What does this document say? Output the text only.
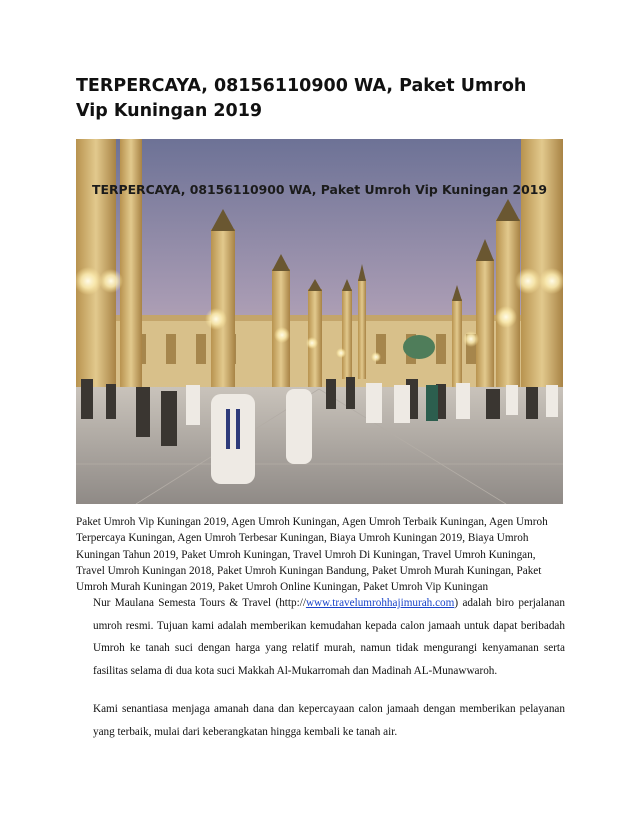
TERPERCAYA, 08156110900 WA, Paket Umroh Vip Kuningan 2019
TERPERCAYA, 08156110900 WA, Paket Umroh Vip Kuningan 2019

Paket Umroh Vip Kuningan 2019, Agen Umroh Kuningan, Agen Umroh Terbaik Kuningan, Agen Umroh Terpercaya Kuningan, Agen Umroh Terbesar Kuningan, Biaya Umroh Kuningan 2019, Biaya Umroh Kuningan Tahun 2019, Paket Umroh Kuningan, Travel Umroh Di Kuningan, Travel Umroh Kuningan, Travel Umroh Kuningan 2018, Paket Umroh Kuningan Bandung, Paket Umroh Murah Kuningan, Paket Umroh Murah Kuningan 2019, Paket Umroh Online Kuningan, Paket Umroh Vip Kuningan

Nur Maulana Semesta Tours & Travel (http://www.travelumrohhajimurah.com) adalah biro perjalanan umroh resmi. Tujuan kami adalah memberikan kemudahan kepada calon jamaah untuk dapat beribadah Umroh ke tanah suci dengan harga yang relatif murah, namun tidak mengurangi kenyamanan serta fasilitas selama di dua kota suci Makkah Al-Mukarromah dan Madinah AL-Munawwaroh.

Kami senantiasa menjaga amanah dana dan kepercayaan calon jamaah dengan memberikan pelayanan yang terbaik, mulai dari keberangkatan hingga kembali ke tanah air.
